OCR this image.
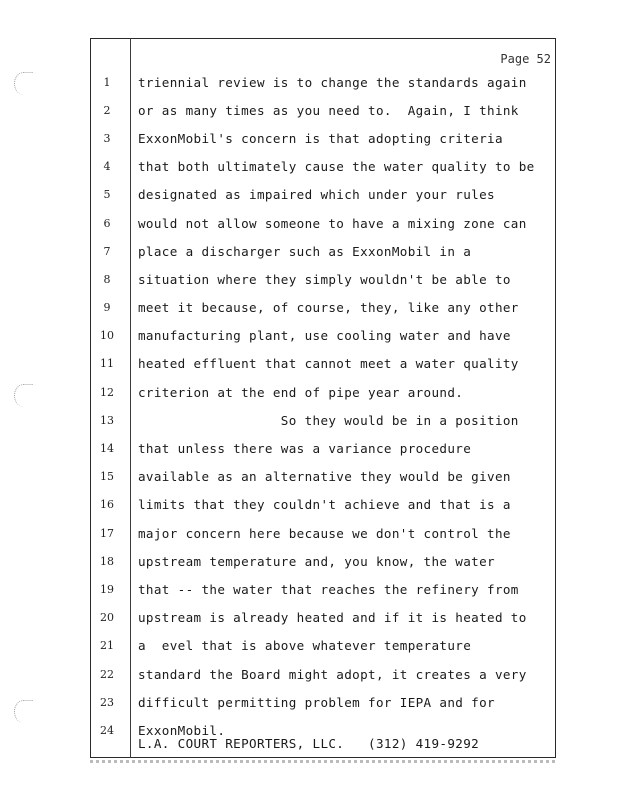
Page 52
1	triennial review is to change the standards again
2	or as many times as you need to.  Again, I think
3	ExxonMobil's concern is that adopting criteria
4	that both ultimately cause the water quality to be
5	designated as impaired which under your rules
6	would not allow someone to have a mixing zone can
7	place a discharger such as ExxonMobil in a
8	situation where they simply wouldn't be able to
9	meet it because, of course, they, like any other
10	manufacturing plant, use cooling water and have
11	heated effluent that cannot meet a water quality
12	criterion at the end of pipe year around.
13	So they would be in a position
14	that unless there was a variance procedure
15	available as an alternative they would be given
16	limits that they couldn't achieve and that is a
17	major concern here because we don't control the
18	upstream temperature and, you know, the water
19	that -- the water that reaches the refinery from
20	upstream is already heated and if it is heated to
21	a  evel that is above whatever temperature
22	standard the Board might adopt, it creates a very
23	difficult permitting problem for IEPA and for
24	ExxonMobil.
L.A. COURT REPORTERS, LLC.   (312) 419-9292
